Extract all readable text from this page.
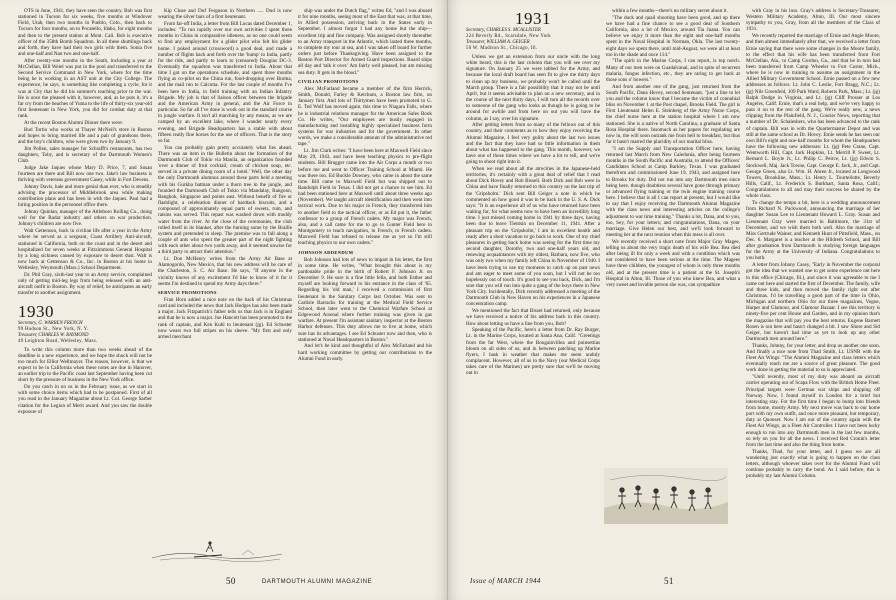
OTS in June, 1941, they have seen the country. Bob was first stationed in Tucson for six weeks, five months at Windover Field, Utah, then two months in Pueblo, Colo., then back to Tucson for four months, on to Pocatello, Idaho, for eight months and then to the present station at Mont. Call. Bob is executive officer of the 358th Bomb Squadron. In all these shuttlings back and forth, they have had their two girls with them. Sonia five and one-half and Nan two and one-half.

After twenty-one months in the South, including a year at McClellan, Bill Weiel was put in the pool and transferred to the Second Service Command in New York, where for the time being he is working in an AST unit at the City College. The experience, he says, is something like completing a cycle, for it was at City that he did his summer's teaching prior to the war. He is once the pleased with it, however, and, as he puts it, it's a far cry from the beaches of Yuma to the life of thirty-six year-old first lieutenant in New York, you did for combat duty at that rank.

At the recent Boston Alumni Dinner there were:

Bud Tortio who works at Thayer McNeil's store in Boston and hopes to bring married life and a pair of grandsons there, and the boy's children, who were given two by January 9.

Jim Pollen, sales manager for Schrafft's restaurants, has two daughters, Toby, and is secretary of the Dartmouth Women's Club.

Judge Jake Jaques whose Mary D. Price, 7, and Susan fourteen are there and Bill now one two. Jake's law business is thriving with veterans government Casey, while in Fort Devens.

Johnny Davis, hale and more genial than ever, who is steadily advising the processor of Middlebrook area while making contribution plans and has been in with the Jaques. Paul had a hiring position in the personnel office there.

Johnny Quinlan, manager of the Attleboro Rolling Co., doing well for the Radar industry and others on war production. Johnny's children are now five.

Walt Gettenson, back in civilian life after a year in the Army where he served as a sergeant, Coast Artillery Anti-aircraft, stationed in California, both on the coast and in the desert and hospitalized for seven weeks at Fitzsimmons General Hospital by a long sickness caused by exposure to desert dust. Walt is now back at Gettenson & Co., Inc. in Boston at his home in Wellesley, Weymouth (Mass.) School Department.

Dr. Phil Gray, sixth-last year to an Army service, complained only of getting mid-leg legs from being released with an anti-aircraft outfit in Boston. By way of relief, he anticipates an early transfer to another assignment.

1930
Secretary, G. WARREN FRENCH
99 Hudson St., New York, N. Y.
Treasurer, CHARLES W. RAYMOND
49 Leighton Road, Wellesley, Mass.

To write this column more than two weeks ahead of the deadline is a new experience, and we hope the shock will not be too much for Elliot Wellmayer. The reason, however, is that we expect to be in California when these notes are due in Hanover, an earlier trip to the Pacific coast last September having been cut short by the pressure of business in the New York office.

Do you catch in on us in the February issue, as we start in with some choice items which had to be postponed. First of all you read in the January Magazine about Lt. Col. George Sarber citation for the Legion of Merit award. And you saw the double exposure of

Kip Cluse and Duf Ferguson in Northern ..... Dud is now wearing the silver bars of a first lieutenant.

From far-off India, a letter from Bill Lucas dated December 1, includes: "To run rapidly over our own activities I spent three months in China in comparative idleness, as no one could seem to find any employment for a glider pilot who felt his glider home. I poked around (crossword) a good deal, and made a number of flights back and forth over the 'hump' to India, partly for the ride, and partly to learn to (censored) Douglas DC-3. Eventually the squadron was transferred to India. About that time I got on the operations schedule, and spent three months flying as co-pilot on the China run, food-dropping over Burma, and the mail run to Calcutta. For the last couple of months I've been here in India, in field training with an Indian Infantry Brigade. My job is that of liaison officer between the brigade and the American Army in general, and the Air Force in particular. So far all I've done is work out in the standard course in jungle warfare. It isn't all marching by any means, as we are camped by an excellent lake, where I wander nearly every evening, and Brigade Headquarters has a stable with about fifteen really fine horses for the use of officers. That is the story so far.

You can probably gain pretty accurately what lies ahead. There was an item in the Bulletin about the formation of the Dartmouth Club of Tokio via Manila, an organization founded 'over a dinner of fruit cocktail, cream of chicken soup, etc. served in a private dining room of a hotel.' Well, the other day the only Dartmouth alumnus around these parts held a meeting with his Gurkha batman under a thorn tree in the jungle, and founded the Dartmouth Club of Tokio via Mandalay, Rangoon, Bangkok, Singapore and points east. Without benefit of fire or flashlight, a celebration dinner of hardtack biscuits, and a compound of approximately equal parts of sweets, rum, and raisins was served. This repast was washed down with muddy water from the river. At the close of the ceremonies, the club rolled itself in its blanket, after the burning some by the Braille system and pretended to sleep. The premise was to fall along a couple of ants who spent the greater part of the night fighting with each other about two yards away, and it seemed unwise for a third party to attract their attention."

Lt. Don McHenry writes from the Army Air Base at Alamogordo, New Mexico, that his new address will be care of the Charleston, S. C. Air Base. He says, "If anyone in the vicinity knows of any excitement I'd like to know of it for it seems I'm destined to spend my Army days there."

SERVICE PROMOTIONS

Fran Horn added a nice note on the back of his Christmas card and included the news that Jack Hodges has also been made a major. Jack Fitzpatrick's father tells us that Jack is in England and that he is now a major. Joe Hancott has been promoted to the rank of captain, and Ken Kuhl to lieutenant (jg). Ed Schuster now wears two full stripes on his sleeve. "My first and only armed merchant

ship was under the Dutch flag," writes Ed, "and I was aboard it for nine months, seeing most of the East that was, at that time, in Allied possession, arriving back in the States early in September. I almost forgot I had any home but the ship—excellent trip and fine company. Was assigned shortly thereafter to an Army transport in the Atlantic, which lasted three months, to complete my tour at sea, and I was taken off board for further orders just before Thanksgiving. Have been assigned to the Boston Port Director for Armed Guard inspections. Board ships all day and 'talk it over.' Am fairly well pleased, but am missing sea duty. It gets in the blood."

CIVILIAN PROMOTIONS

Alex McFarland became a member of the firm Herrick, Smith, Donald, Farley & Ketchum, a Boston law firm, on January first. And lots of Thirtymen have been promoted to G. E. Ted Wolf has moved again, this time to Niagara Falls, where he is industrial relations manager for the American Sales Book Co. He writes, "Our employees are busily engaged in manufacturing and installing highly specialized business form systems for war industries and for the government. In other words, we make a considerable amount of the administrative red tape."

Lt. Jim Clark writes: "I have been here at Maxwell Field since May 29, 1943, and have been teaching physics to pre-flight students. Bill Brugger came into the Air Corps a month or two before me and went to Officer Training School at Miami. He was there too. Ed Buckle Downey, who came in about the same time. Bill came to Maxwell Field but was shipped out to Randolph Field in Texas. I did not get a chance to see him. Ed had been stationed here at Maxwell until about three weeks ago (November). We taught aircraft identification and then went into tactical work. Due to his major in French, they transferred him to another field to the tactical officer, or as Ed put it, the father confessor to a group of French cadets. My major was French, also, and a call came for me to go to Gunter Field here in Montgomery to teach navigation, in French, to French cadets. Maxwell Field has refused to release me as yet so I'm still teaching physics to our own cadets."

JOHNSON ADDENDUM

Bob Johnson had lots of news to impart in his letter, the first in some time. He writes, "What brought this about is my pardonable pride in the birth of Robert F. Johnson Jr. on December 9. He sure is a fine little fella, and both Esther and myself are looking forward to his entrance in the class of '65. Regarding his 'old man,' I received a commission of first lieutenant in the Sanitary Corps last October. Was sent to Carlisle Barracks for training at the Medical Field Service School, then later went to the Chemical Warfare School at Edgewood Arsenal where further training was given in gas warfare. At present I'm assistant sanitary inspector at the Boston Harbor defenses. This duty allows me to live at home, which sure has its advantages. I see Ed Schuster now and then, who is stationed at Naval Headquarters in Boston."

And let's be kind and thoughtful of Alex McFarland and his hard working committee by getting our contributions to the Alumni Fund in early.

50	DARTMOUTH ALUMNI MAGAZINE
1931
Secretary, CHARLES S. MCALLISTER
224 Beverly Rd., Scarsdale, New York
Treasurer, WILLIAM A. GEIGER
50 W. Madison St., Chicago, Ill.

Unless we get an extension from our uncle with the long white beard, this is the last column that you will see over my signature. On January 25 we were tabbed for the Army, and because the local draft board has seen fit to give me thirty days to clean up my business, we probably won't be called until the March group. There is a fair possibility that it may not be until April, but it seems advisable to plan on a new secretary, and in the course of the next thirty days, I will turn all the records over to someone of the gang who looks as though he is going to be around for awhile and from here on out you will have the column, as I say, over his signature.

After getting letters from so many of the fellows out of this country, and their comments as to how they enjoy receiving the Alumni Magazine, I feel very guilty about the last two issues and the fact that they have had so little information in them about what has happened to the gang. This month, however, we have one of those times where we have a lot to tell, and we're going to shoot right into it.

When we read about all the atrocities in the Japanese-held territories, it's certainly with a great deal of relief that I read about Dick Hovey and Bob Bissell. Both Dick and Bob were in China and have finally returned to this country on the last trip of the 'Gripsholm.' Dick sent Bill Geiger a note in which he commented on how good it was to be back in the U. S. A. Dick says: "It is an experience all of us who have returned have been waiting for, for what seems now to have been an incredibly long time. I just missed coming home in 1941 by three days, having been due to leave Tientsin on December 11, 1941. After a pleasant trip on the 'Gripsholm,' I am in excellent health and ready after a short vacation to go back to work. One of my chief pleasures in getting back home was seeing for the first time my second daughter, Dorothy, two and one-half years old, and renewing acquaintances with my oldest, Barbara, now five, who was only two when my family left China in November of 1940. I have been trying to use my moments to catch up on past news and am eager to meet some of you soon, but I will not be too hopelessly out of touch. It's good to see you back, Dick, and I'm sure that you will run into quite a gang of the boys there in New York City. Incidentally, Dick recently addressed a meeting of the Dartmouth Club in New Haven on his experiences in a Japanese concentration camp.

We mentioned the fact that Bissel had returned, only because we have received a notice of his address back in this country. How about letting us have a line from you, Bob?

Speaking of the Pacific, here's a letter from Dr. Ray Burger, Lt. in the Marine Corps, located at Santa Ana, Calif. "Greetings from the far West, where the Bougainvillea and poinsettias bloom on all sides of us, and in between patching up Marine flyers, I bask in weather that makes me seem unduly complacent. However, all of us in the Navy (our Medical Corps takes care of the Marines) are pretty sure that we'll be moving out in

within a few months—there's no military secret about it.

"The duck and quail shooting have been good, and up there we have had a fine chance to see a good deal of Southern California, also a lot of Mexico, around Tia Juana. You can believe we enjoy it more than the eight and one-half months spent in the Naval Hospital in Norman, Okla. The last twenty-eight days we spent there, until mid-August, we were all at least too in the shade and once 114."

"The spirit in the Marine Corps, I can report, is top notch. Many of our men were on Guadalcanal, and in spite of recurrent malaria, fungus infection, etc., they are raring to get back at those sons o' bowers."

And from another one of the gang, just returned from the South Pacific, Dana Hovey, second lieutenant, "just a line to let you and the column know that I became the victim of connubial bliss on November 1 at the Post chapel, Brooks Field. The girl is First Lieutenant Helen E. Steinberg of the Army Nurse Corps, the chief nurse here at the station hospital where I am now stationed. She is a native of North Carolina, a graduate of Santa Rosa Hospital there. Insomuch as her papers for regulating are now in, the will soon outrank me from hell to breakfast, but thus far it hasn't marred the placidity of our marital bliss.

"I am the Supply and Transportation Officer here, having returned last March from New Caledonia, after being fourteen months in the South Pacific and Australia, to attend the Officers' Candidates School at Camp Barkley, Texas. I was graduated therefrom and commissioned June 19, 1943, and assigned here to Brooks for duty. Did not run into any Dartmouth men since being here, though doubtless several have gone through primary or advanced flying training or the twin engine training course here. I believe that is all I can report at present, but I would like to say that I enjoy receiving the Dartmouth Alumni Magazine with the class news and interesting articles on the college's adjustment to war time training." Thanks a lot, Dana, and to you, too, Sey, for your letters; and congratulations, Dana, on your marriage. Give Helen our best, and we'll look forward to meeting her at the next reunion when this mess is all over.

We recently received a short note from Major Gray Magee, telling us about the very tragic death of his wife Bea. Bea died after being ill for only a week and with a condition which was not considered to have been serious at the time. The Magees have three children, the youngest of whom is only three months old, and at the present time is a patient at the St. Joseph's Hospital in Alton, Ill. Those of you who knew Bea, and what a very sweet and lovable person she was, can sympathize

with Gray in his loss. Gray's address is Secretary-Treasurer, Western Military Academy, Alton, Ill. Our most sincere sympathy to you, Gray, from all the members of the Class of 1931.

We recently reported the marriage of Ernie and Angie Moore, and then almost immediately after that, we received a letter from Ernie saying that there were some changes in the Moore family, to the effect that his wife has been transferred from Fort McClellan, Ala., to Camp Gordon, Ga., and that he in turn had been transferred from Camp Wheeler to Fort Custer, Mich., where he is now in training to assume an assignment in the Allied Military Government School. Ernie passed on a few new addresses as follows: Lt. John C. Leslie, Fort Bragg, N.C.; Lt. (jg) Nils Greenfeld, 109 Park Ward, Roberts Park, Mass.; Lt. (jg) Ralph Dodge in Virginia, and Lt. (jg) Cliff Prosser at Los Angeles, Calif. Ernie, that's a real help, and we're very happy to pass it on to the rest of the gang. We're really new, a news clipping from the Plainfield, N. J., Courier News, reporting that a number of Dr. Schaleshers, who has been advanced to the rank of captain. Bill was in with the Quartermaster Depot and was still at the same school as Dr. Hovey. Ernie sends he has seen our own Bill's eight and one-half months for whom the Headquarters have the following new addresses: Lt. (jg) Pete Crane, Capt. Wentworth Hill, Capt. Jack Hopkins, Lt. Merrill P. Sweet, Lt. Bernard L. Boyle Jr., Lt. Philip C. Peirce, Lt. (jg) Edwin S. Stockwell, Maj. Jack Towne, Capt. George E. Jack, Jr., and Capt. George Green, also Lt. Wm. H. Ahren Jr., located at Longwood Towers, Brookline, Mass.; Lt. Henry L. Tourtellotte, Beverly Hills, Calif., Lt. Frederick S. Burkhart, Santa Rosa, Calif.; Congratulations to all and may their success be shared by the whole class.

To change the tempo a bit, here is a wedding announcement from Richard N. Packwood, announcing the marriage of her daughter Susan Lee to Lieutenant Howard L. Gray. Susan and Lieutenant Gray were married in Baltimore, the 31st of December, and we wish them both well. Also the marriage of Miss Gertrude Wainer, and Kenneth Hunt of Pittsfield, Mass., on Dec. 6. Margaret is a teacher at the Hildreth School, and Bill after graduation from Dartmouth is studying foreign languages for the Army at the University of Indiana. Congratulations to you both.

A letter from Johnny Casey, "Early in November the corporal got the idea that we wanted one to get some experience out here in this office (Chicago, Ill.), and since it was agreeable to me I came out here and started the first of December. The family, wife and three kids, and then moved the family right out after Christmas. I'd be travelling a good part of the time in Ohio, Michigan and northern Ohio for our three magazines, Vogue, Harper and Glamour, and Glamour Bazaar. I see this territory is ninety-five per cent House and Garden, and in my opinion that's the magazine that will pay you the best returns. Eugene Barnett Rosen is out here and hasn't changed a bit. I saw Shore and Sid Geiger, but haven't had time as yet to look up any other Dartmouth men around here."

Thanks, Johnny, for your letter, and drop us another one soon. And finally a nice note from Thad Smith, Lt. USNR with the Fleet Air Wings: "The Alumni Magazine and class letters which eventually reach me are a source of great pleasure. The good work done in getting the material to us is appreciated.

"Until recently, most of my duty was aboard an aircraft carrier operating out of Scapa Flow with the British Home Fleet. Principal targets were German war ships and shipping off Norway. Now, I found myself in London for a brief but interesting stay. For the first time I began to bump into friends from home, mostly Army. My next move was back to our home port with my own outfit, and once more pleasant, but temporary, duty at Quonset. Now I am out of the country again with the Fleet Air Wings, as a Fleet Air Controller. I have not been lucky enough to run into any Dartmouth men in the last few months, so rely on you for all the news. I received Red Cronin's letter from the last time and also the thing from home.

Thanks, Thad, for your letter, and I guess we are all wondering just exactly what is going to happen on the class letters, although whoever takes over for the Alumni Fund will continue probably to carry the bond. As I said before, this is probably my last Alumni Column.

Issue of MARCH 1944	51
